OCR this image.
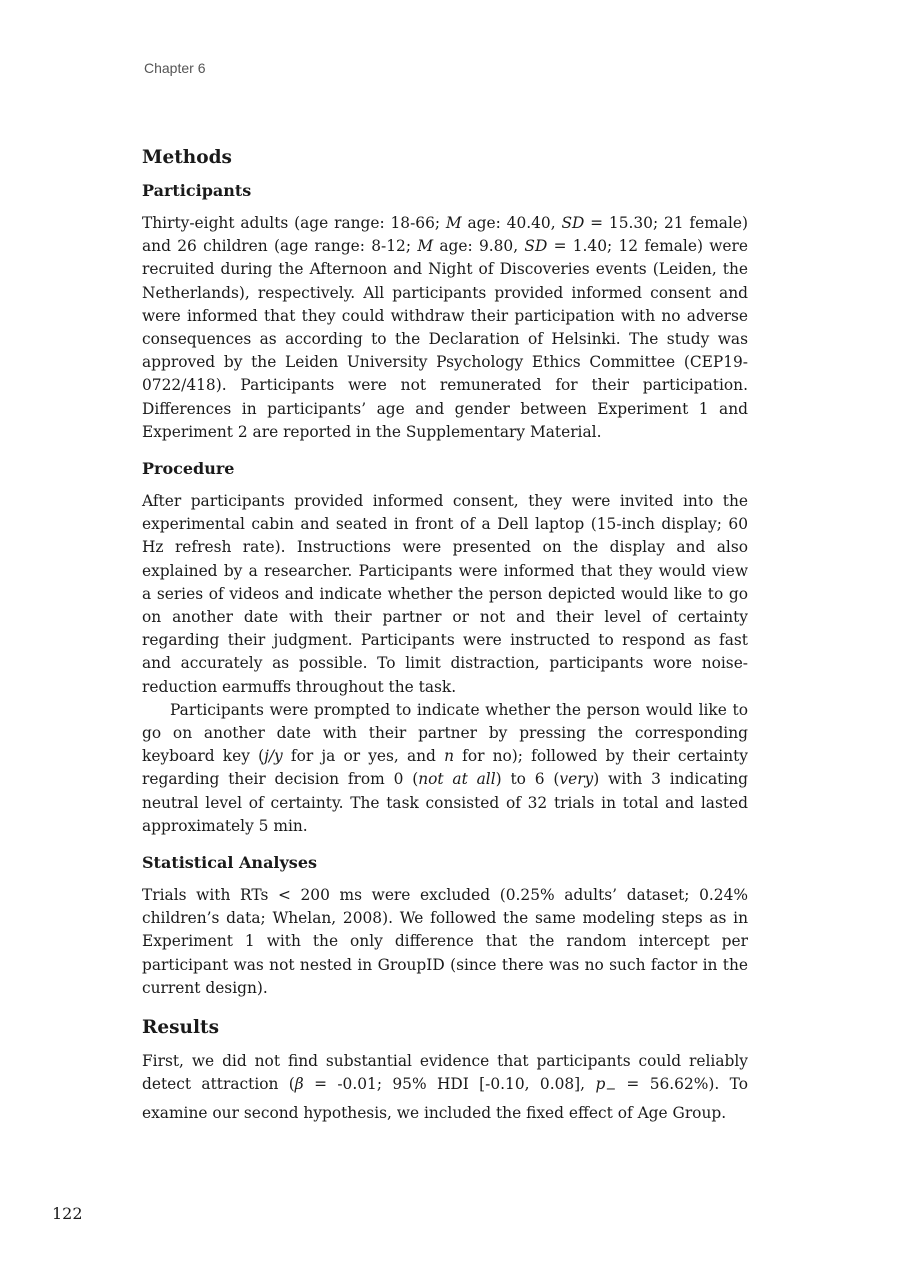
Chapter 6
Methods
Participants

Thirty-eight adults (age range: 18-66; M age: 40.40, SD = 15.30; 21 female) and 26 children (age range: 8-12; M age: 9.80, SD = 1.40; 12 female) were recruited during the Afternoon and Night of Discoveries events (Leiden, the Netherlands), respectively. All participants provided informed consent and were informed that they could withdraw their participation with no adverse consequences as according to the Declaration of Helsinki. The study was approved by the Leiden University Psychology Ethics Committee (CEP19-0722/418). Participants were not remunerated for their participation. Differences in participants’ age and gender between Experiment 1 and Experiment 2 are reported in the Supplementary Material.

Procedure

After participants provided informed consent, they were invited into the experimental cabin and seated in front of a Dell laptop (15-inch display; 60 Hz refresh rate). Instructions were presented on the display and also explained by a researcher. Participants were informed that they would view a series of videos and indicate whether the person depicted would like to go on another date with their partner or not and their level of certainty regarding their judgment. Participants were instructed to respond as fast and accurately as possible. To limit distraction, participants wore noise-reduction earmuffs throughout the task.

Participants were prompted to indicate whether the person would like to go on another date with their partner by pressing the corresponding keyboard key (j/y for ja or yes, and n for no); followed by their certainty regarding their decision from 0 (not at all) to 6 (very) with 3 indicating neutral level of certainty. The task consisted of 32 trials in total and lasted approximately 5 min.

Statistical Analyses

Trials with RTs < 200 ms were excluded (0.25% adults’ dataset; 0.24% children’s data; Whelan, 2008). We followed the same modeling steps as in Experiment 1 with the only difference that the random intercept per participant was not nested in GroupID (since there was no such factor in the current design).

Results

First, we did not find substantial evidence that participants could reliably detect attraction (β = -0.01; 95% HDI [-0.10, 0.08], $p_- = 56.62\%$). To examine our second hypothesis, we included the fixed effect of Age Group.

122
